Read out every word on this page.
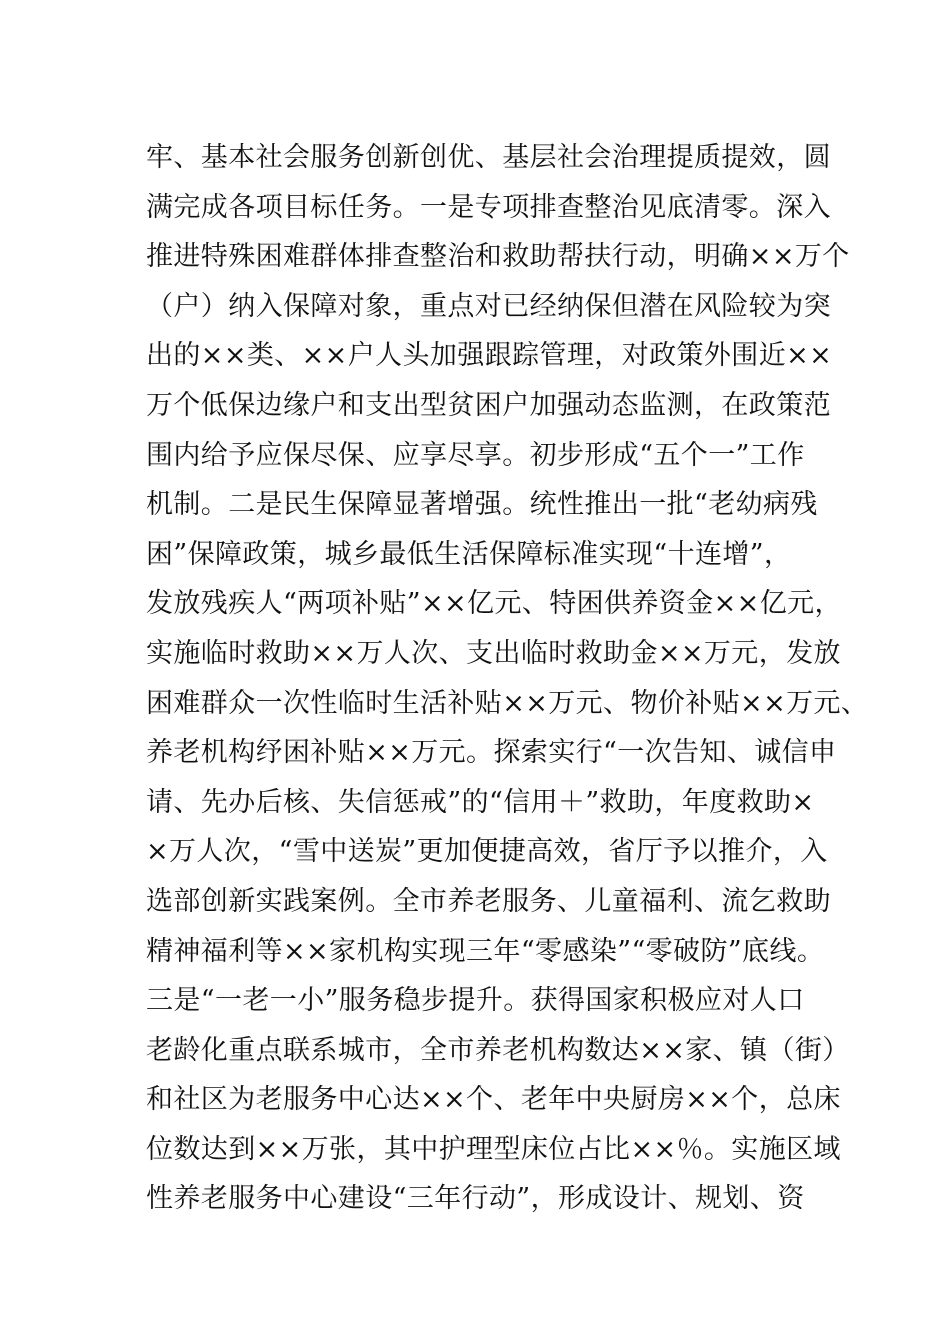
牢、基本社会服务创新创优、基层社会治理提质提效，圆
满完成各项目标任务。一是专项排查整治见底清零。深入
推进特殊困难群体排查整治和救助帮扶行动，明确××万个
（户）纳入保障对象，重点对已经纳保但潜在风险较为突
出的××类、××户人头加强跟踪管理，对政策外围近××
万个低保边缘户和支出型贫困户加强动态监测，在政策范
围内给予应保尽保、应享尽享。初步形成“五个一”工作
机制。二是民生保障显著增强。统性推出一批“老幼病残
困”保障政策，城乡最低生活保障标准实现“十连增”，
发放残疾人“两项补贴”××亿元、特困供养资金××亿元，
实施临时救助××万人次、支出临时救助金××万元，发放
困难群众一次性临时生活补贴××万元、物价补贴××万元、
养老机构纾困补贴××万元。探索实行“一次告知、诚信申
请、先办后核、失信惩戒”的“信用＋”救助，年度救助×
×万人次，“雪中送炭”更加便捷高效，省厅予以推介，入
选部创新实践案例。全市养老服务、儿童福利、流乞救助
精神福利等××家机构实现三年“零感染”“零破防”底线。
三是“一老一小”服务稳步提升。获得国家积极应对人口
老龄化重点联系城市，全市养老机构数达××家、镇（街）
和社区为老服务中心达××个、老年中央厨房××个，总床
位数达到××万张，其中护理型床位占比××％。实施区域
性养老服务中心建设“三年行动”，形成设计、规划、资
